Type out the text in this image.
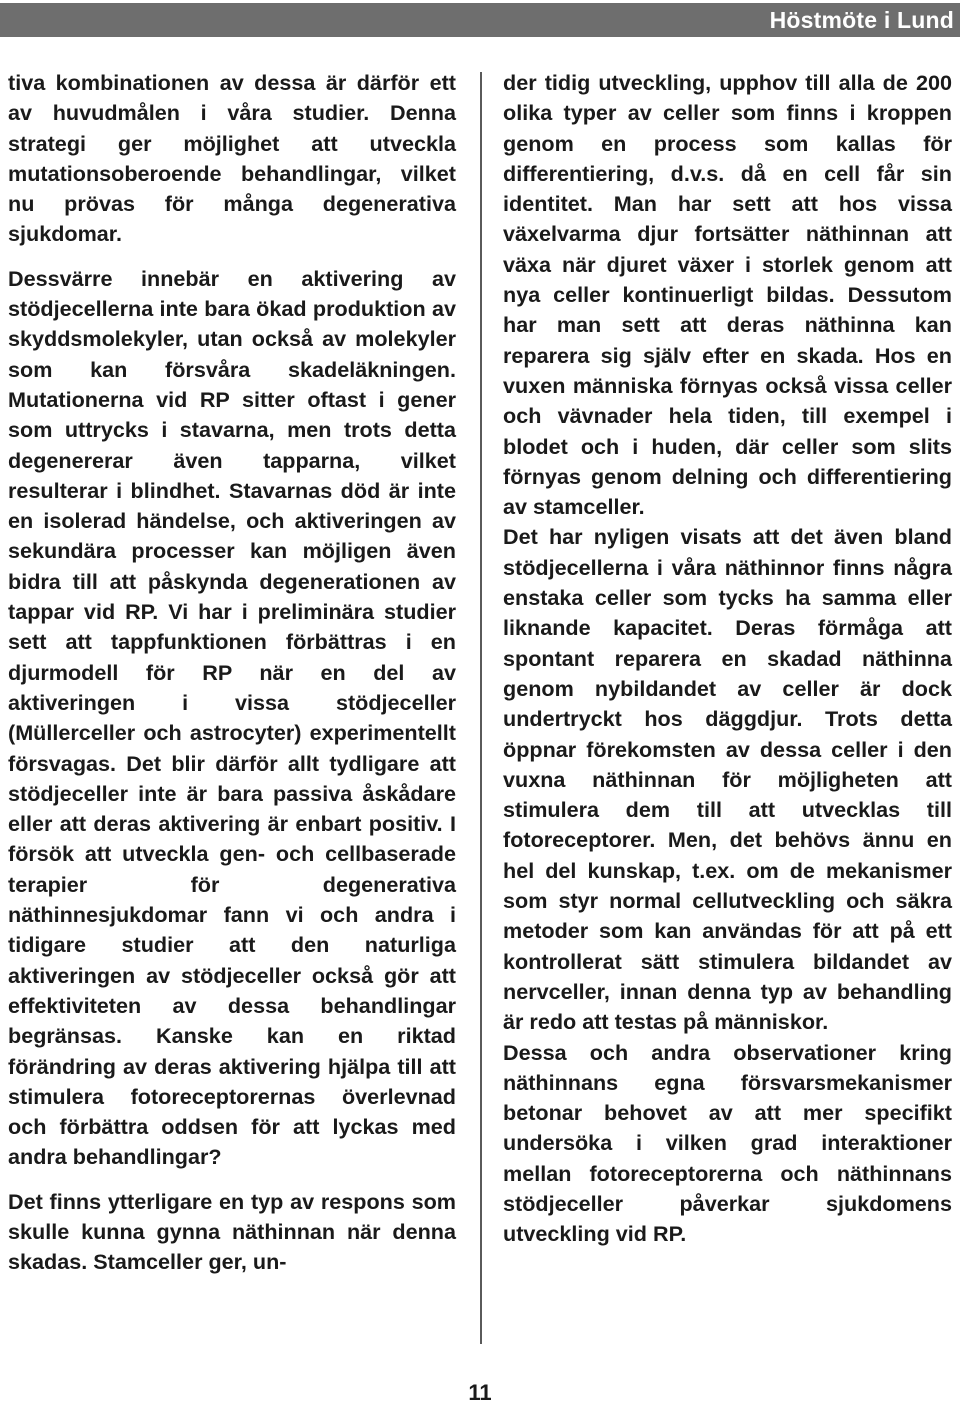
Höstmöte i Lund

tiva kombinationen av dessa är därför ett av huvudmålen i våra studier. Denna strategi ger möjlighet att utveckla mutationsoberoende behandlingar, vilket nu prövas för många degenerativa sjukdomar.

Dessvärre innebär en aktivering av stödjecellerna inte bara ökad produktion av skyddsmolekyler, utan också av molekyler som kan försvåra skadeläkningen. Mutationerna vid RP sitter oftast i gener som uttrycks i stavarna, men trots detta degenererar även tapparna, vilket resulterar i blindhet. Stavarnas död är inte en isolerad händelse, och aktiveringen av sekundära processer kan möjligen även bidra till att påskynda degenerationen av tappar vid RP. Vi har i preliminära studier sett att tappfunktionen förbättras i en djurmodell för RP när en del av aktiveringen i vissa stödjeceller (Müllerceller och astrocyter) experimentellt försvagas. Det blir därför allt tydligare att stödjeceller inte är bara passiva åskådare eller att deras aktivering är enbart positiv. I försök att utveckla gen- och cellbaserade terapier för degenerativa näthinnesjukdomar fann vi och andra i tidigare studier att den naturliga aktiveringen av stödjeceller också gör att effektiviteten av dessa behandlingar begränsas. Kanske kan en riktad förändring av deras aktivering hjälpa till att stimulera fotoreceptorernas överlevnad och förbättra oddsen för att lyckas med andra behandlingar?

Det finns ytterligare en typ av respons som skulle kunna gynna näthinnan när denna skadas. Stamceller ger, un-

der tidig utveckling, upphov till alla de 200 olika typer av celler som finns i kroppen genom en process som kallas för differentiering, d.v.s. då en cell får sin identitet. Man har sett att hos vissa växelvarma djur fortsätter näthinnan att växa när djuret växer i storlek genom att nya celler kontinuerligt bildas. Dessutom har man sett att deras näthinna kan reparera sig själv efter en skada. Hos en vuxen människa förnyas också vissa celler och vävnader hela tiden, till exempel i blodet och i huden, där celler som slits förnyas genom delning och differentiering av stamceller.

Det har nyligen visats att det även bland stödjecellerna i våra näthinnor finns några enstaka celler som tycks ha samma eller liknande kapacitet. Deras förmåga att spontant reparera en skadad näthinna genom nybildandet av celler är dock undertryckt hos däggdjur. Trots detta öppnar förekomsten av dessa celler i den vuxna näthinnan för möjligheten att stimulera dem till att utvecklas till fotoreceptorer. Men, det behövs ännu en hel del kunskap, t.ex. om de mekanismer som styr normal cellutveckling och säkra metoder som kan användas för att på ett kontrollerat sätt stimulera bildandet av nervceller, innan denna typ av behandling är redo att testas på människor.

Dessa och andra observationer kring näthinnans egna försvarsmekanismer betonar behovet av att mer specifikt undersöka i vilken grad interaktioner mellan fotoreceptorerna och näthinnans stödjeceller påverkar sjukdomens utveckling vid RP.

11
